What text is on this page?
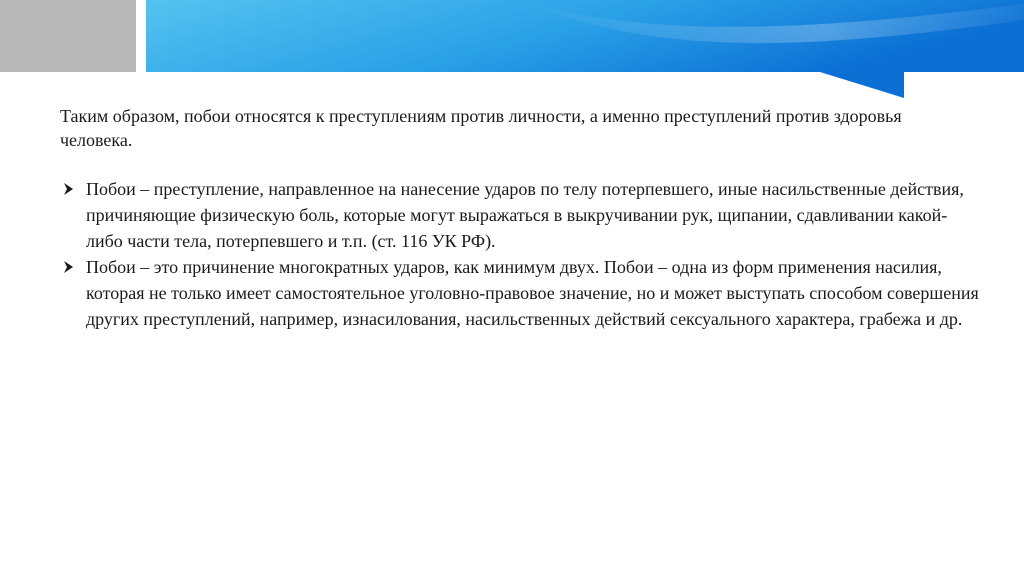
Таким образом, побои относятся к преступлениям против личности, а именно преступлений против здоровья человека.

Побои – преступление, направленное на нанесение ударов по телу потерпевшего, иные насильственные действия, причиняющие физическую боль, которые могут выражаться в выкручивании рук, щипании, сдавливании какой-либо части тела, потерпевшего и т.п. (ст. 116 УК РФ).
Побои – это причинение многократных ударов, как минимум двух. Побои – одна из форм применения насилия, которая не только имеет самостоятельное уголовно-правовое значение, но и может выступать способом совершения других преступлений, например, изнасилования, насильственных действий сексуального характера, грабежа и др.
